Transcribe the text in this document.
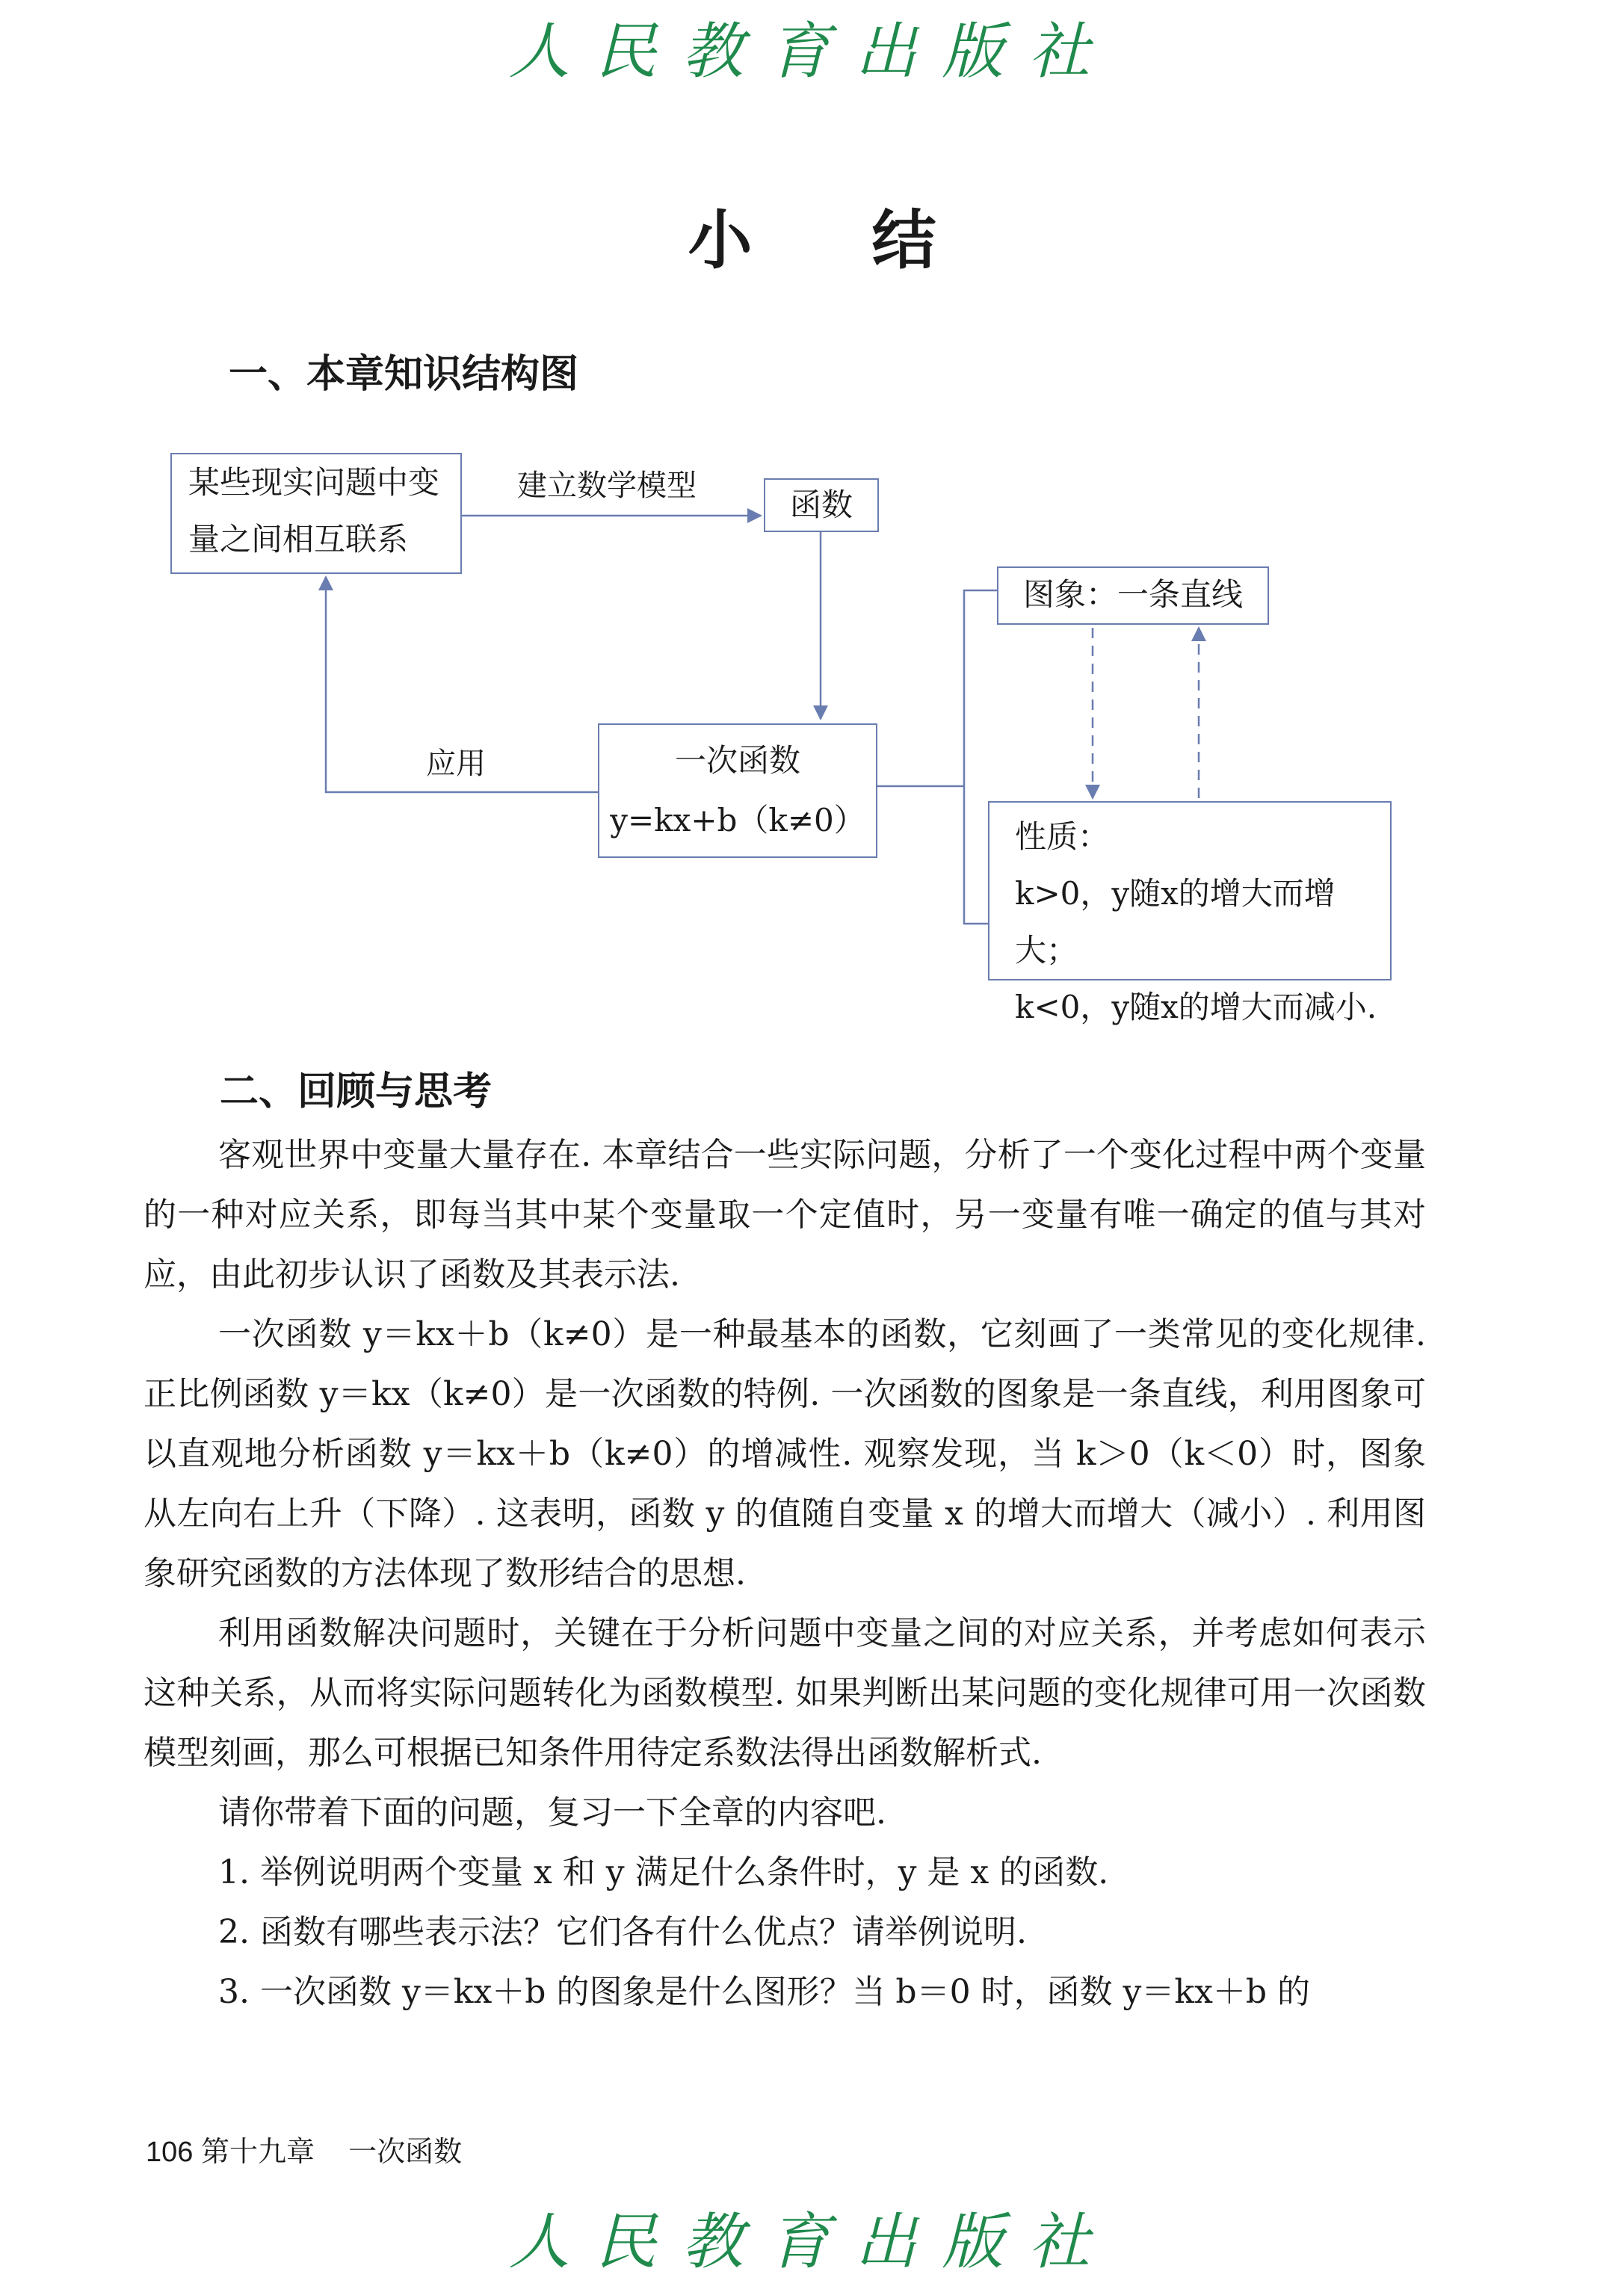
人民教育出版社
小 结
一、本章知识结构图
某些现实问题中变
量之间相互联系
建立数学模型
函数
应用	一次函数
y=kx+b（k≠0）
图象：一条直线
性质：
k>0，y随x的增大而增大；
k<0，y随x的增大而减小.
二、回顾与思考

客观世界中变量大量存在. 本章结合一些实际问题，分析了一个变化过程中两个变量的一种对应关系，即每当其中某个变量取一个定值时，另一变量有唯一确定的值与其对应，由此初步认识了函数及其表示法.

一次函数 y＝kx＋b（k≠0）是一种最基本的函数，它刻画了一类常见的变化规律. 正比例函数 y＝kx（k≠0）是一次函数的特例. 一次函数的图象是一条直线，利用图象可以直观地分析函数 y＝kx＋b（k≠0）的增减性. 观察发现，当 k＞0（k＜0）时，图象从左向右上升（下降）. 这表明，函数 y 的值随自变量 x 的增大而增大（减小）. 利用图象研究函数的方法体现了数形结合的思想.

利用函数解决问题时，关键在于分析问题中变量之间的对应关系，并考虑如何表示这种关系，从而将实际问题转化为函数模型. 如果判断出某问题的变化规律可用一次函数模型刻画，那么可根据已知条件用待定系数法得出函数解析式.

请你带着下面的问题，复习一下全章的内容吧.

1. 举例说明两个变量 x 和 y 满足什么条件时，y 是 x 的函数.

2. 函数有哪些表示法？它们各有什么优点？请举例说明.

3. 一次函数 y＝kx＋b 的图象是什么图形？当 b＝0 时，函数 y＝kx＋b 的

106 第十九章 一次函数
人民教育出版社
